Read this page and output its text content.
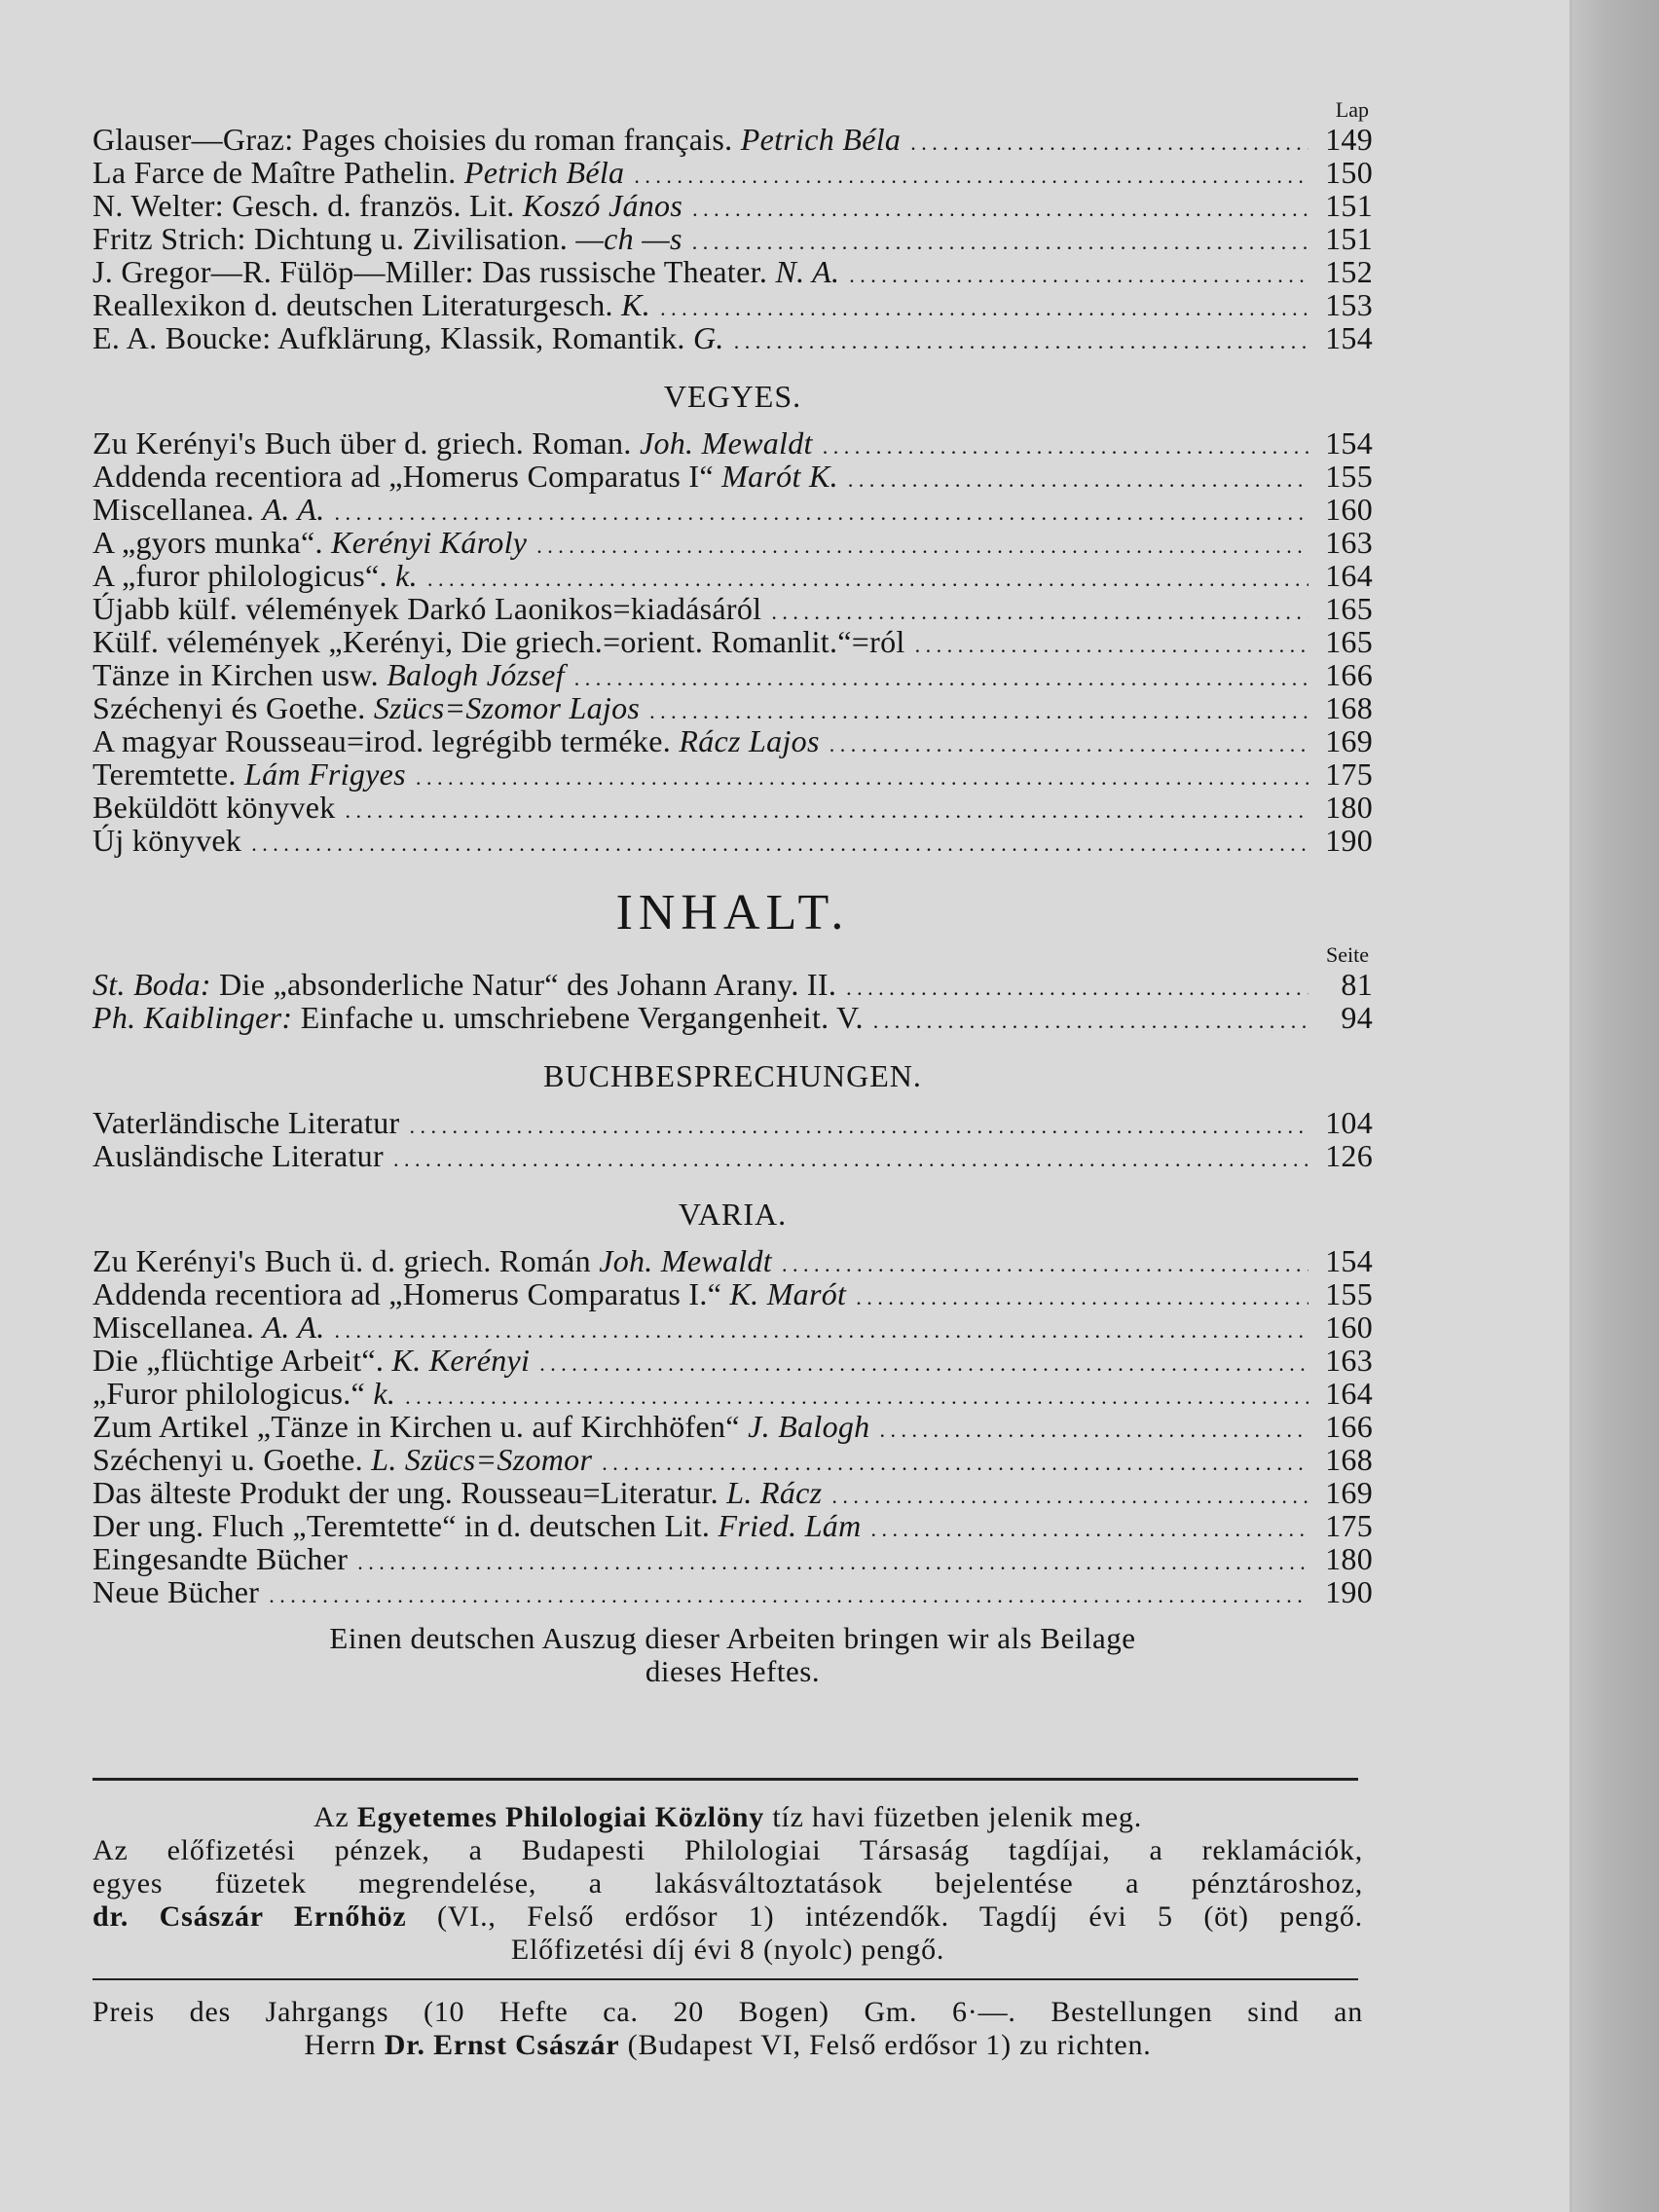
Lap
Glauser—Graz: Pages choisies du roman français. Petrich Béla . . .	149
La Farce de Maître Pathelin. Petrich Béla . . .	150
N. Welter: Gesch. d. französ. Lit. Koszó János . . .	151
Fritz Strich: Dichtung u. Zivilisation. —ch —s . . .	151
J. Gregor—R. Fülöp—Miller: Das russische Theater. N. A. . . .	152
Reallexikon d. deutschen Literaturgesch. K. . . .	153
E. A. Boucke: Aufklärung, Klassik, Romantik. G. . . .	154
VEGYES.
Zu Kerényi's Buch über d. griech. Roman. Joh. Mewaldt . . .	154
Addenda recentiora ad „Homerus Comparatus I“ Marót K. . . .	155
Miscellanea. A. A. . . .	160
A „gyors munka“. Kerényi Károly . . .	163
A „furor philologicus“. k. . . .	164
Újabb külf. vélemények Darkó Laonikos=kiadásáról . . .	165
Külf. vélemények „Kerényi, Die griech.=orient. Romanlit.“=ról . . .	165
Tänze in Kirchen usw. Balogh József . . .	166
Széchenyi és Goethe. Szücs=Szomor Lajos . . .	168
A magyar Rousseau=irod. legrégibb terméke. Rácz Lajos . . .	169
Teremtette. Lám Frigyes . . .	175
Beküldött könyvek . . .	180
Új könyvek . . .	190
INHALT.
Seite
St. Boda: Die „absonderliche Natur“ des Johann Arany. II. . . .	81
Ph. Kaiblinger: Einfache u. umschriebene Vergangenheit. V. . . .	94
BUCHBESPRECHUNGEN.
Vaterländische Literatur . . .	104
Ausländische Literatur . . .	126
VARIA.
Zu Kerényi's Buch ü. d. griech. Román Joh. Mewaldt . . .	154
Addenda recentiora ad „Homerus Comparatus I.“ K. Marót . . .	155
Miscellanea. A. A. . . .	160
Die „flüchtige Arbeit“. K. Kerényi . . .	163
„Furor philologicus.“ k. . . .	164
Zum Artikel „Tänze in Kirchen u. auf Kirchhöfen“ J. Balogh . . .	166
Széchenyi u. Goethe. L. Szücs=Szomor . . .	168
Das älteste Produkt der ung. Rousseau=Literatur. L. Rácz . . .	169
Der ung. Fluch „Teremtette“ in d. deutschen Lit. Fried. Lám . . .	175
Eingesandte Bücher . . .	180
Neue Bücher . . .	190
Einen deutschen Auszug dieser Arbeiten bringen wir als Beilage
dieses Heftes.

Az Egyetemes Philologiai Közlöny tíz havi füzetben jelenik meg.

Az előfizetési pénzek, a Budapesti Philologiai Társaság tagdíjai, a reklamációk,

egyes füzetek megrendelése, a lakásváltoztatások bejelentése a pénztároshoz,

dr. Császár Ernőhöz (VI., Felső erdősor 1) intézendők. Tagdíj évi 5 (öt) pengő.

Előfizetési díj évi 8 (nyolc) pengő.

Preis des Jahrgangs (10 Hefte ca. 20 Bogen) Gm. 6·—. Bestellungen sind an

Herrn Dr. Ernst Császár (Budapest VI, Felső erdősor 1) zu richten.
